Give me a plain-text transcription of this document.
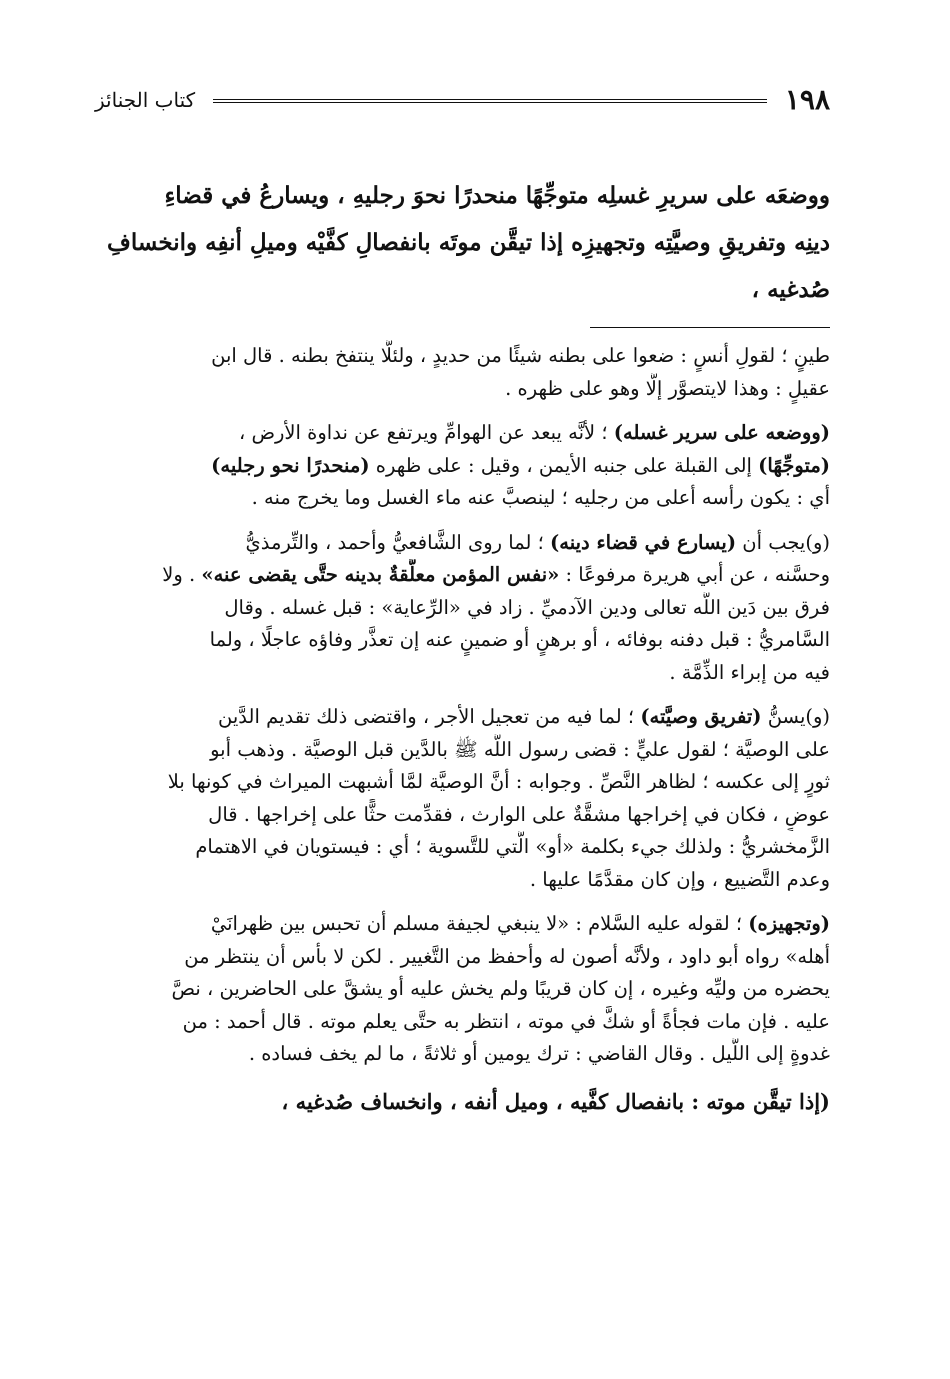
١٩٨
كتاب الجنائز
ووضعَه على سريرِ غسلِه متوجِّهًا منحدرًا نحوَ رجليهِ ، ويسارعُ في قضاءِ
دينِه وتفريقِ وصيَّتِه وتجهيزِه إذا تيقَّن موتَه بانفصالِ كفَّيْه وميلِ أنفِه وانخسافِ
صُدغيه ،
طينٍ ؛ لقولِ أنسٍ : ضعوا على بطنه شيئًا من حديدٍ ، ولئلَّا ينتفخ بطنه . قال ابن
عقيلٍ : وهذا لايتصوَّر إلَّا وهو على ظهره .
(ووضعه على سرير غسله) ؛ لأنَّه يبعد عن الهوامِّ ويرتفع عن نداوة الأرض ،
(متوجِّهًا) إلى القبلة على جنبه الأيمن ، وقيل : على ظهره (منحدرًا نحو رجليه)
أي : يكون رأسه أعلى من رجليه ؛ لينصبَّ عنه ماء الغسل وما يخرج منه .
(و)يجب أن (يسارع في قضاء دينه) ؛ لما روى الشَّافعيُّ وأحمد ، والتِّرمذيُّ
وحسَّنه ، عن أبي هريرة مرفوعًا : «نفس المؤمن معلَّقةٌ بدينه حتَّى يقضى عنه» . ولا
فرق بين دَين اللَّه تعالى ودين الآدميِّ . زاد في «الرِّعاية» : قبل غسله . وقال
السَّامريُّ : قبل دفنه بوفائه ، أو برهنٍ أو ضمينٍ عنه إن تعذَّر وفاؤه عاجلًا ، ولما
فيه من إبراء الذِّمَّة .
(و)يسنُّ (تفريق وصيَّته) ؛ لما فيه من تعجيل الأجر ، واقتضى ذلك تقديم الدَّين
على الوصيَّة ؛ لقول عليٍّ : قضى رسول اللَّه ﷺ بالدَّين قبل الوصيَّة . وذهب أبو
ثورٍ إلى عكسه ؛ لظاهر النَّصِّ . وجوابه : أنَّ الوصيَّة لمَّا أشبهت الميراث في كونها بلا
عوضٍ ، فكان في إخراجها مشقَّةٌ على الوارث ، فقدِّمت حثًّا على إخراجها . قال
الزَّمخشريُّ : ولذلك جيء بكلمة «أو» الَّتي للتَّسوية ؛ أي : فيستويان في الاهتمام
وعدم التَّضييع ، وإن كان مقدَّمًا عليها .
(وتجهيزه) ؛ لقوله عليه السَّلام : «لا ينبغي لجيفة مسلم أن تحبس بين ظهرانَيْ
أهله» رواه أبو داود ، ولأنَّه أصون له وأحفظ من التَّغيير . لكن لا بأس أن ينتظر من
يحضره من وليِّه وغيره ، إن كان قريبًا ولم يخش عليه أو يشقَّ على الحاضرين ، نصَّ
عليه . فإن مات فجأةً أو شكَّ في موته ، انتظر به حتَّى يعلم موته . قال أحمد : من
غدوةٍ إلى اللَّيل . وقال القاضي : ترك يومين أو ثلاثةً ، ما لم يخف فساده .
(إذا تيقَّن موته : بانفصال كفَّيه ، وميل أنفه ، وانخساف صُدغيه ،
